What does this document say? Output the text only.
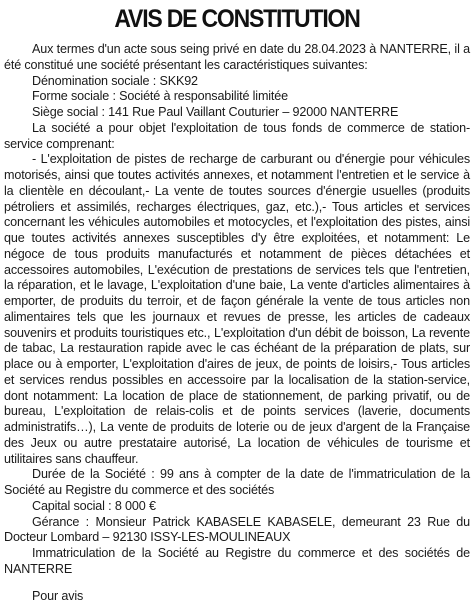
AVIS DE CONSTITUTION

Aux termes d'un acte sous seing privé en date du 28.04.2023 à NANTERRE, il a été constitué une société présentant les caractéristiques suivantes:

Dénomination sociale : SKK92

Forme sociale : Société à responsabilité limitée

Siège social : 141 Rue Paul Vaillant Couturier – 92000 NANTERRE

La société a pour objet l'exploitation de tous fonds de commerce de station-service comprenant:

- L'exploitation de pistes de recharge de carburant ou d'énergie pour véhicules motorisés, ainsi que toutes activités annexes, et notamment l'entretien et le service à la clientèle en découlant,- La vente de toutes sources d'énergie usuelles (produits pétroliers et assimilés, recharges électriques, gaz, etc.),- Tous articles et services concernant les véhicules automobiles et motocycles, et l'exploitation des pistes, ainsi que toutes activités annexes susceptibles d'y être exploitées, et notamment: Le négoce de tous produits manufacturés et notamment de pièces détachées et accessoires automobiles, L'exécution de prestations de services tels que l'entretien, la réparation, et le lavage, L'exploitation d'une baie, La vente d'articles alimentaires à emporter, de produits du terroir, et de façon générale la vente de tous articles non alimentaires tels que les journaux et revues de presse, les articles de cadeaux souvenirs et produits touristiques etc., L'exploitation d'un débit de boisson, La revente de tabac, La restauration rapide avec le cas échéant de la préparation de plats, sur place ou à emporter, L'exploitation d'aires de jeux, de points de loisirs,- Tous articles et services rendus possibles en accessoire par la localisation de la station-service, dont notamment: La location de place de stationnement, de parking privatif, ou de bureau, L'exploitation de relais-colis et de points services (laverie, documents administratifs…), La vente de produits de loterie ou de jeux d'argent de la Française des Jeux ou autre prestataire autorisé, La location de véhicules de tourisme et utilitaires sans chauffeur.

Durée de la Société : 99 ans à compter de la date de l'immatriculation de la Société au Registre du commerce et des sociétés

Capital social : 8 000 €

Gérance : Monsieur Patrick KABASELE KABASELE, demeurant 23 Rue du Docteur Lombard – 92130 ISSY-LES-MOULINEAUX

Immatriculation de la Société au Registre du commerce et des sociétés de NANTERRE

Pour avis
